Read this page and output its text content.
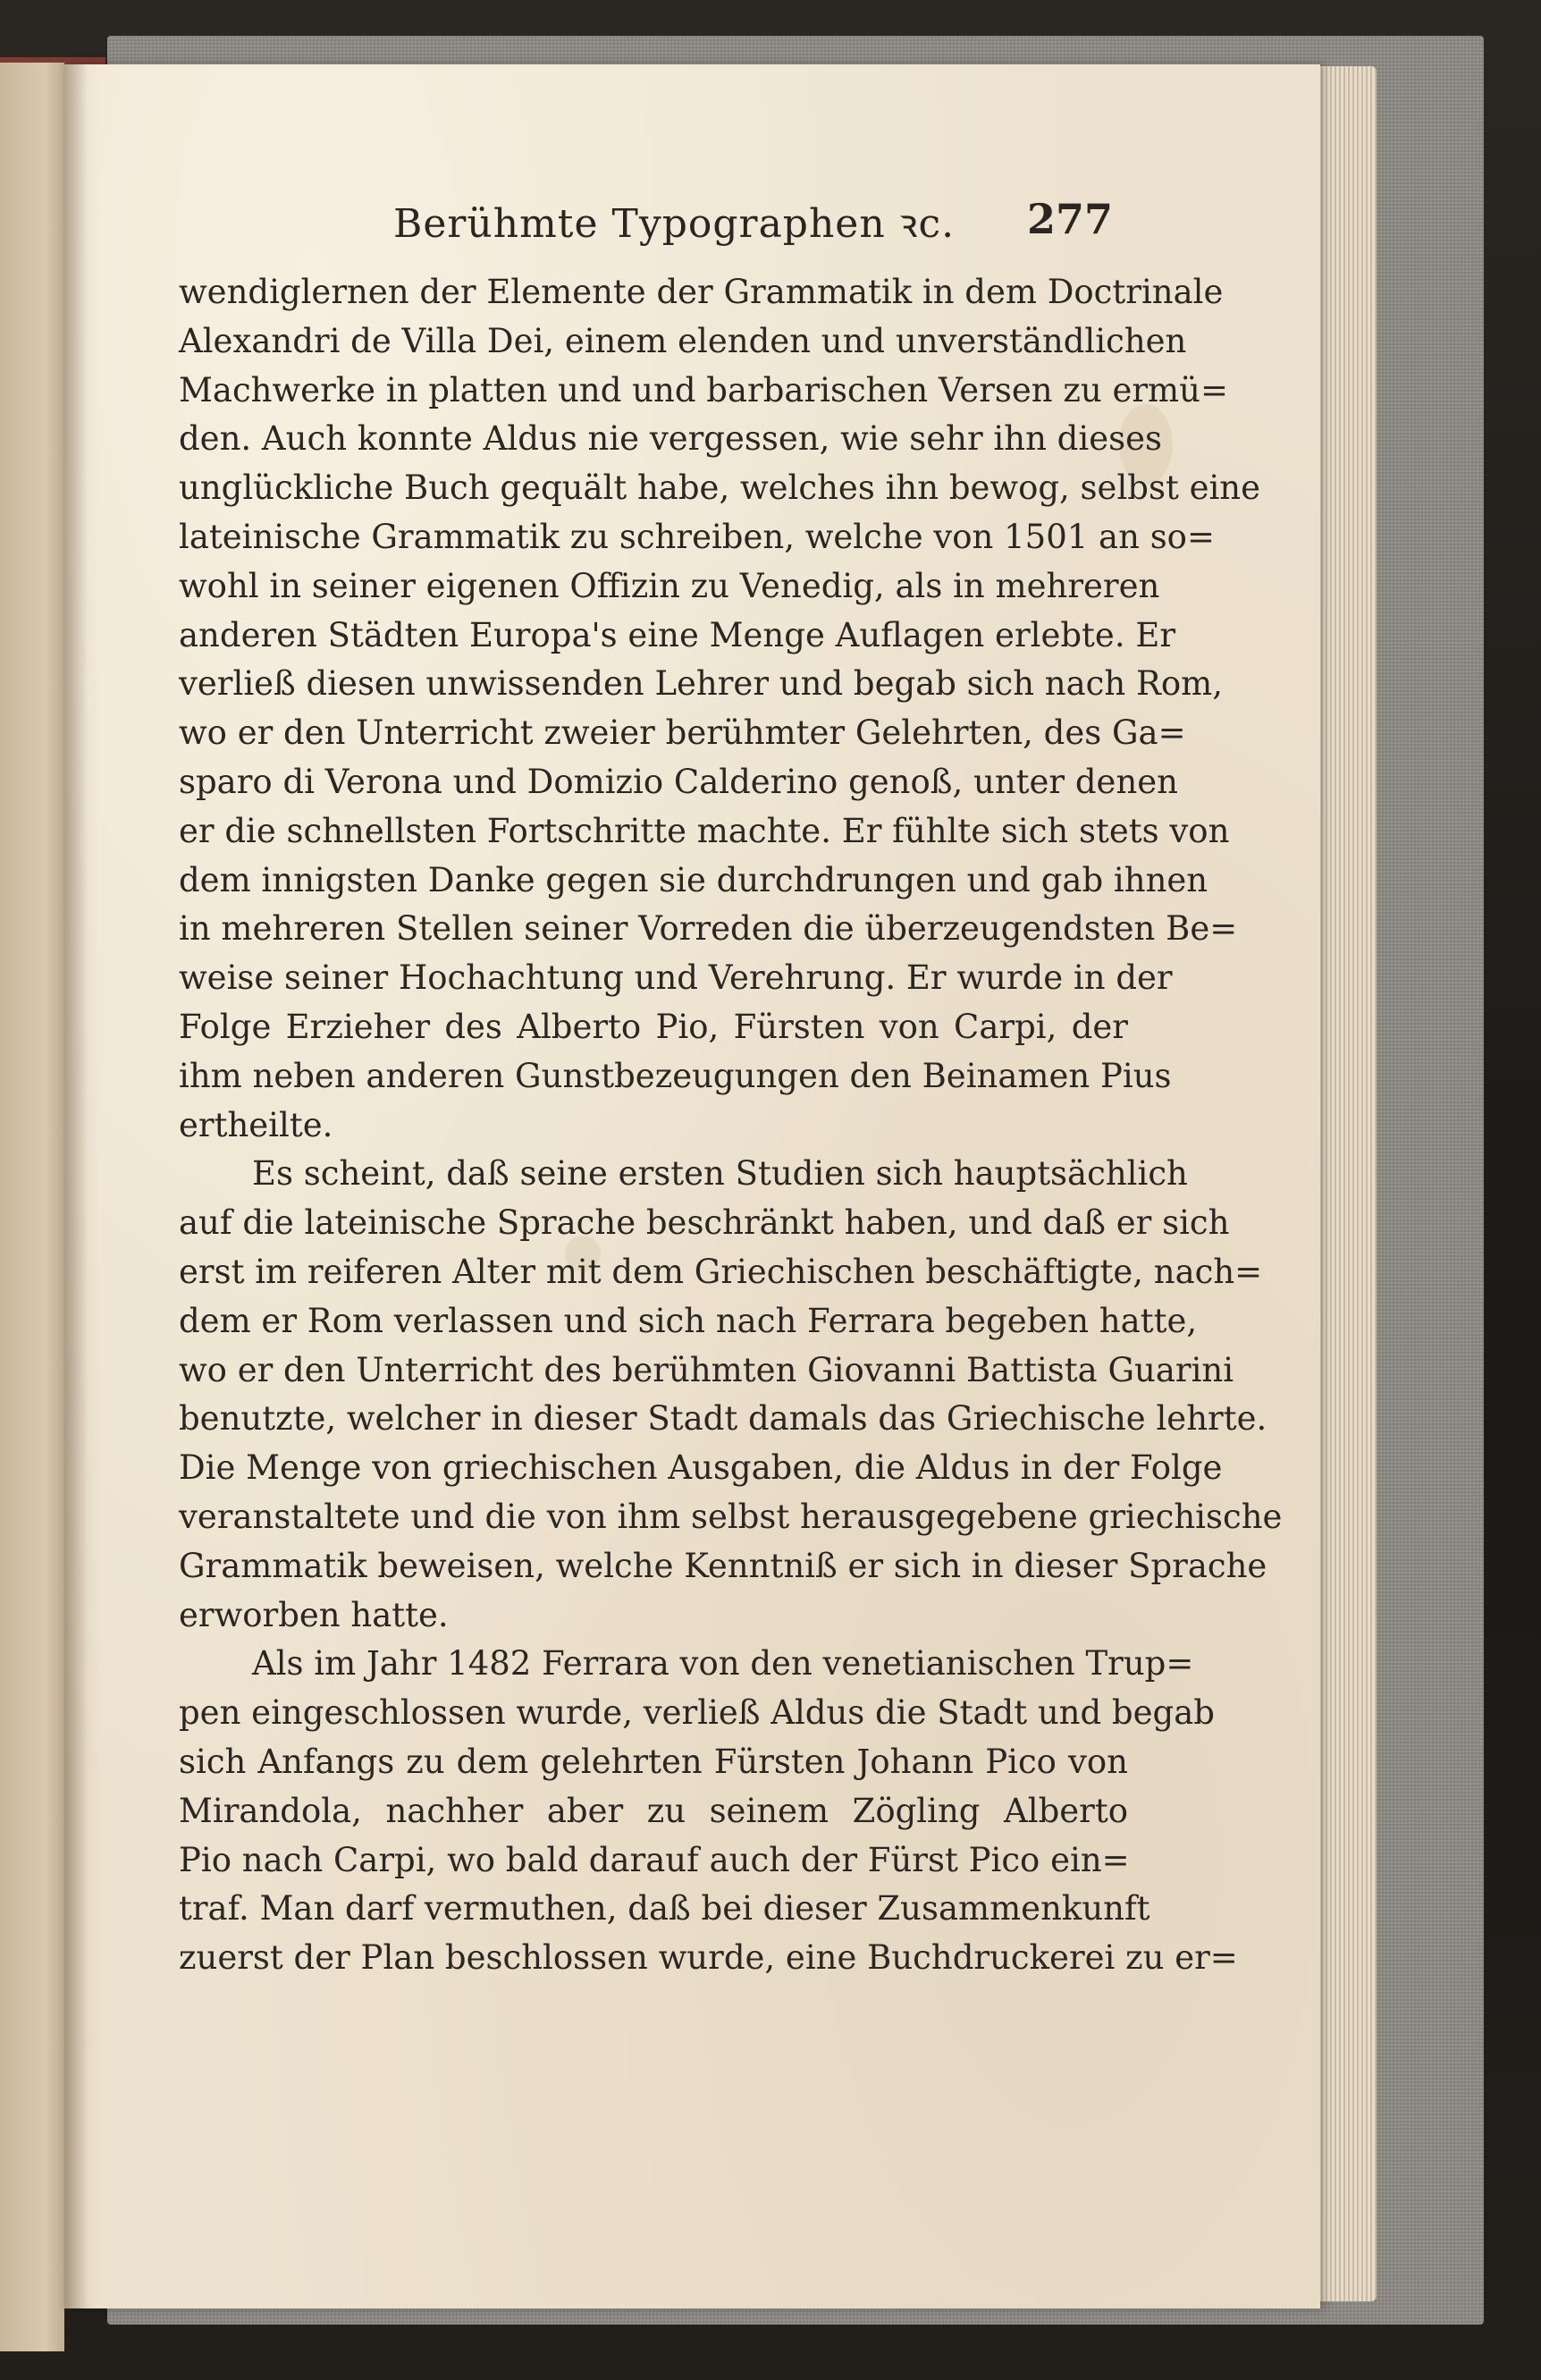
Berühmte Typographen ꝛc. 277
wendiglernen der Elemente der Grammatik in dem Doctrinale
Alexandri de Villa Dei, einem elenden und unverständlichen
Machwerke in platten und und barbarischen Versen zu ermü=
den. Auch konnte Aldus nie vergessen, wie sehr ihn dieses
unglückliche Buch gequält habe, welches ihn bewog, selbst eine
lateinische Grammatik zu schreiben, welche von 1501 an so=
wohl in seiner eigenen Offizin zu Venedig, als in mehreren
anderen Städten Europa's eine Menge Auflagen erlebte. Er
verließ diesen unwissenden Lehrer und begab sich nach Rom,
wo er den Unterricht zweier berühmter Gelehrten, des Ga=
sparo di Verona und Domizio Calderino genoß, unter denen
er die schnellsten Fortschritte machte. Er fühlte sich stets von
dem innigsten Danke gegen sie durchdrungen und gab ihnen
in mehreren Stellen seiner Vorreden die überzeugendsten Be=
weise seiner Hochachtung und Verehrung. Er wurde in der
Folge Erzieher des Alberto Pio, Fürsten von Carpi, der
ihm neben anderen Gunstbezeugungen den Beinamen Pius
ertheilte.
Es scheint, daß seine ersten Studien sich hauptsächlich
auf die lateinische Sprache beschränkt haben, und daß er sich
erst im reiferen Alter mit dem Griechischen beschäftigte, nach=
dem er Rom verlassen und sich nach Ferrara begeben hatte,
wo er den Unterricht des berühmten Giovanni Battista Guarini
benutzte, welcher in dieser Stadt damals das Griechische lehrte.
Die Menge von griechischen Ausgaben, die Aldus in der Folge
veranstaltete und die von ihm selbst herausgegebene griechische
Grammatik beweisen, welche Kenntniß er sich in dieser Sprache
erworben hatte.
Als im Jahr 1482 Ferrara von den venetianischen Trup=
pen eingeschlossen wurde, verließ Aldus die Stadt und begab
sich Anfangs zu dem gelehrten Fürsten Johann Pico von
Mirandola, nachher aber zu seinem Zögling Alberto
Pio nach Carpi, wo bald darauf auch der Fürst Pico ein=
traf. Man darf vermuthen, daß bei dieser Zusammenkunft
zuerst der Plan beschlossen wurde, eine Buchdruckerei zu er=
